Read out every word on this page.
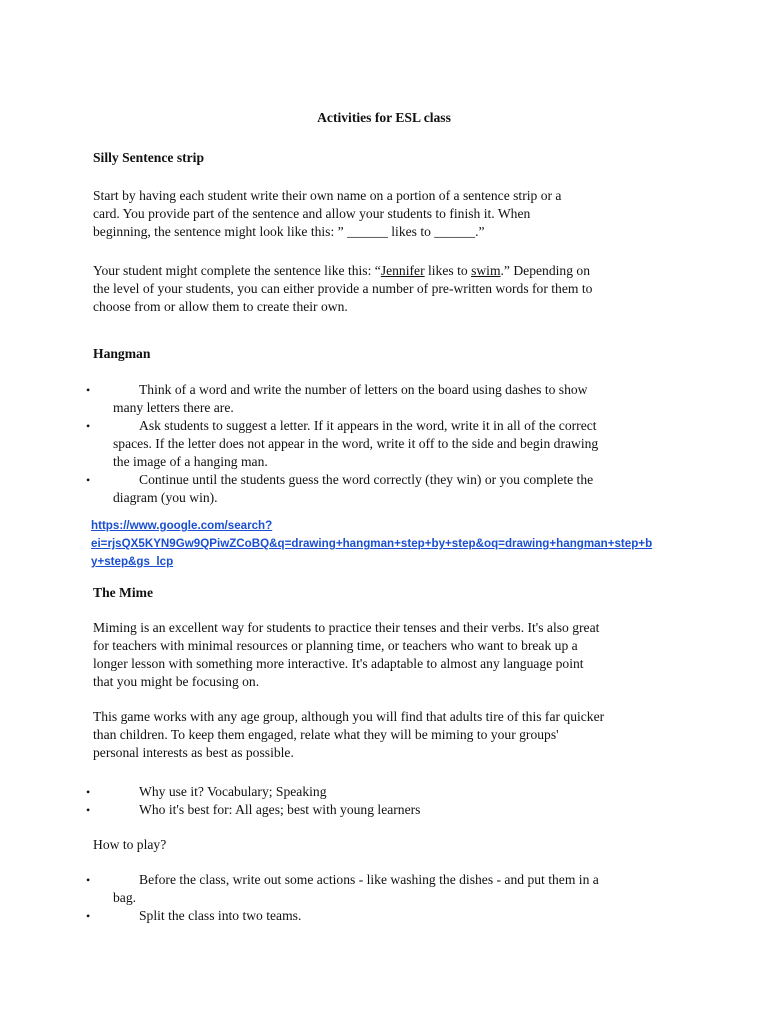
Activities for ESL class
Silly Sentence strip

Start by having each student write their own name on a portion of a sentence strip or a
card. You provide part of the sentence and allow your students to finish it. When
beginning, the sentence might look like this: ” ______ likes to ______.”

Your student might complete the sentence like this: “Jennifer likes to swim.” Depending on
the level of your students, you can either provide a number of pre-written words for them to
choose from or allow them to create their own.

Hangman
•	Think of a word and write the number of letters on the board using dashes to show
many letters there are.
•	Ask students to suggest a letter. If it appears in the word, write it in all of the correct
spaces. If the letter does not appear in the word, write it off to the side and begin drawing
the image of a hanging man.
•	Continue until the students guess the word correctly (they win) or you complete the
diagram (you win).
https://www.google.com/search?
ei=rjsQX5KYN9Gw9QPiwZCoBQ&q=drawing+hangman+step+by+step&oq=drawing+hangman+step+b
y+step&gs_lcp
The Mime

Miming is an excellent way for students to practice their tenses and their verbs. It's also great
for teachers with minimal resources or planning time, or teachers who want to break up a
longer lesson with something more interactive. It's adaptable to almost any language point
that you might be focusing on.

This game works with any age group, although you will find that adults tire of this far quicker
than children. To keep them engaged, relate what they will be miming to your groups'
personal interests as best as possible.

•	Why use it? Vocabulary; Speaking
•	Who it's best for: All ages; best with young learners
How to play?
•	Before the class, write out some actions - like washing the dishes - and put them in a
bag.
•	Split the class into two teams.
